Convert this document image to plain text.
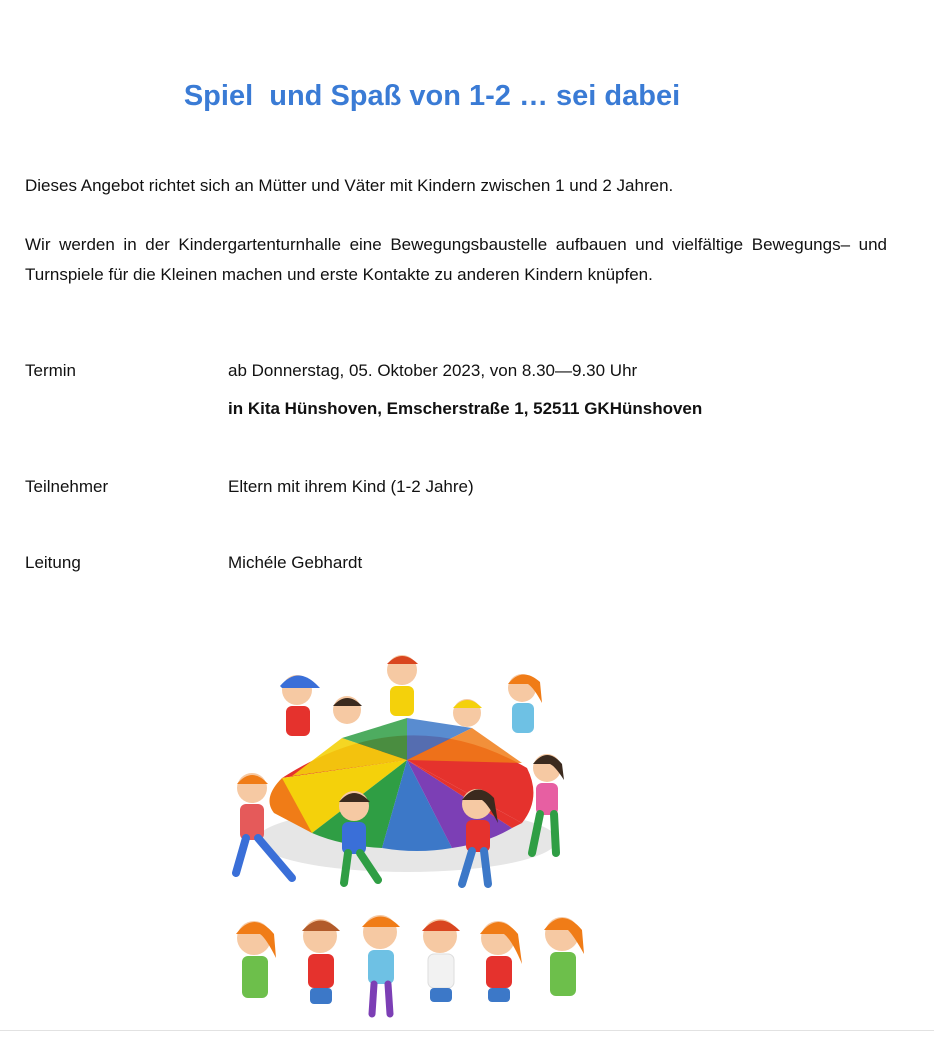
Spiel  und Spaß von 1-2 … sei dabei
Dieses Angebot richtet sich an Mütter und Väter mit Kindern zwischen 1 und 2 Jahren.
Wir werden in der Kindergartenturnhalle eine Bewegungsbaustelle aufbauen und vielfältige Bewegungs– und Turnspiele für die Kleinen machen und erste Kontakte zu anderen Kindern knüpfen.
Termin	ab Donnerstag, 05. Oktober 2023, von 8.30—9.30 Uhr
in Kita Hünshoven, Emscherstraße 1, 52511 GKHünshoven
Teilnehmer	Eltern mit ihrem Kind (1-2 Jahre)
Leitung	Michéle Gebhardt
